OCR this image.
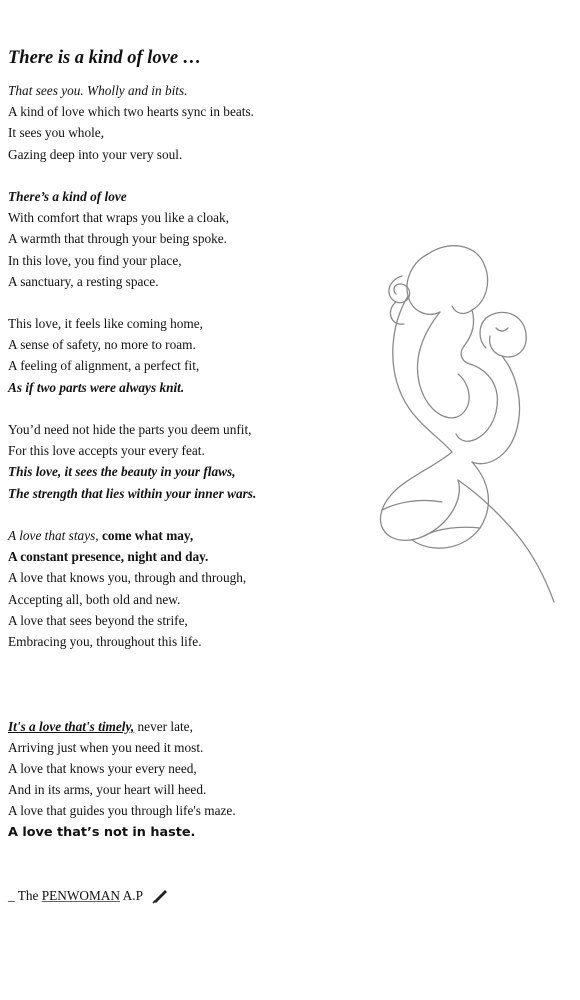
There is a kind of love …
That sees you. Wholly and in bits.
A kind of love which two hearts sync in beats.
It sees you whole,
Gazing deep into your very soul.
There’s a kind of love
With comfort that wraps you like a cloak,
A warmth that through your being spoke.
In this love, you find your place,
A sanctuary, a resting space.
This love, it feels like coming home,
A sense of safety, no more to roam.
A feeling of alignment, a perfect fit,
As if two parts were always knit.
You’d need not hide the parts you deem unfit,
For this love accepts your every feat.
This love, it sees the beauty in your flaws,
The strength that lies within your inner wars.
A love that stays, come what may,
A constant presence, night and day.
A love that knows you, through and through,
Accepting all, both old and new.
A love that sees beyond the strife,
Embracing you, throughout this life.
It's a love that's timely, never late,
Arriving just when you need it most.
A love that knows your every need,
And in its arms, your heart will heed.
A love that guides you through life's maze.
A love that’s not in haste.
_ The PENWOMAN A.P
